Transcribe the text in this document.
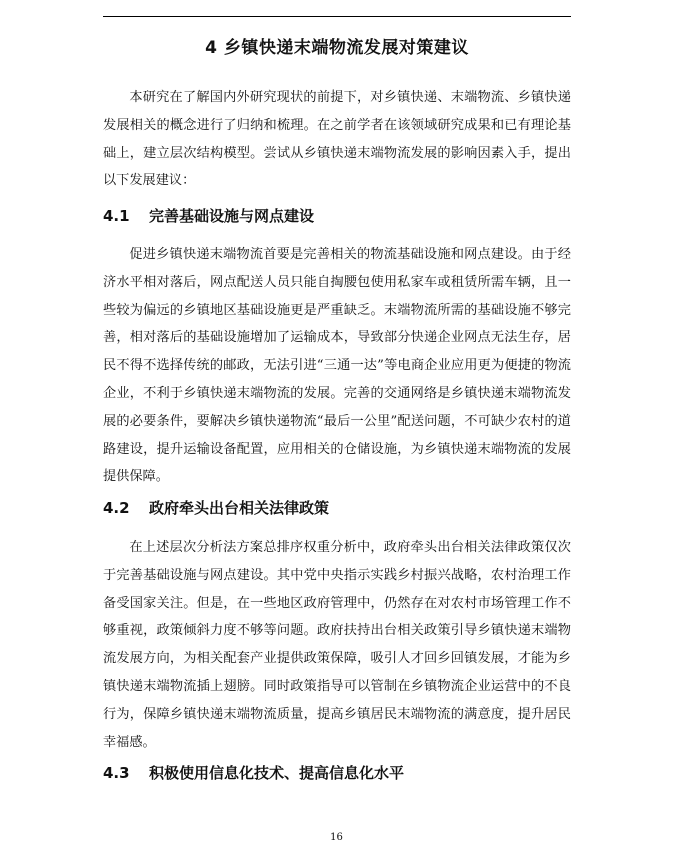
4 乡镇快递末端物流发展对策建议

本研究在了解国内外研究现状的前提下，对乡镇快递、末端物流、乡镇快递发展相关的概念进行了归纳和梳理。在之前学者在该领域研究成果和已有理论基础上，建立层次结构模型。尝试从乡镇快递末端物流发展的影响因素入手，提出以下发展建议：

4.1 完善基础设施与网点建设

促进乡镇快递末端物流首要是完善相关的物流基础设施和网点建设。由于经济水平相对落后，网点配送人员只能自掏腰包使用私家车或租赁所需车辆，且一些较为偏远的乡镇地区基础设施更是严重缺乏。末端物流所需的基础设施不够完善，相对落后的基础设施增加了运输成本，导致部分快递企业网点无法生存，居民不得不选择传统的邮政，无法引进“三通一达”等电商企业应用更为便捷的物流企业，不利于乡镇快递末端物流的发展。完善的交通网络是乡镇快递末端物流发展的必要条件，要解决乡镇快递物流“最后一公里”配送问题，不可缺少农村的道路建设，提升运输设备配置，应用相关的仓储设施，为乡镇快递末端物流的发展提供保障。

4.2 政府牵头出台相关法律政策

在上述层次分析法方案总排序权重分析中，政府牵头出台相关法律政策仅次于完善基础设施与网点建设。其中党中央指示实践乡村振兴战略，农村治理工作备受国家关注。但是，在一些地区政府管理中，仍然存在对农村市场管理工作不够重视，政策倾斜力度不够等问题。政府扶持出台相关政策引导乡镇快递末端物流发展方向，为相关配套产业提供政策保障，吸引人才回乡回镇发展，才能为乡镇快递末端物流插上翅膀。同时政策指导可以管制在乡镇物流企业运营中的不良行为，保障乡镇快递末端物流质量，提高乡镇居民末端物流的满意度，提升居民幸福感。

4.3 积极使用信息化技术、提高信息化水平
16
